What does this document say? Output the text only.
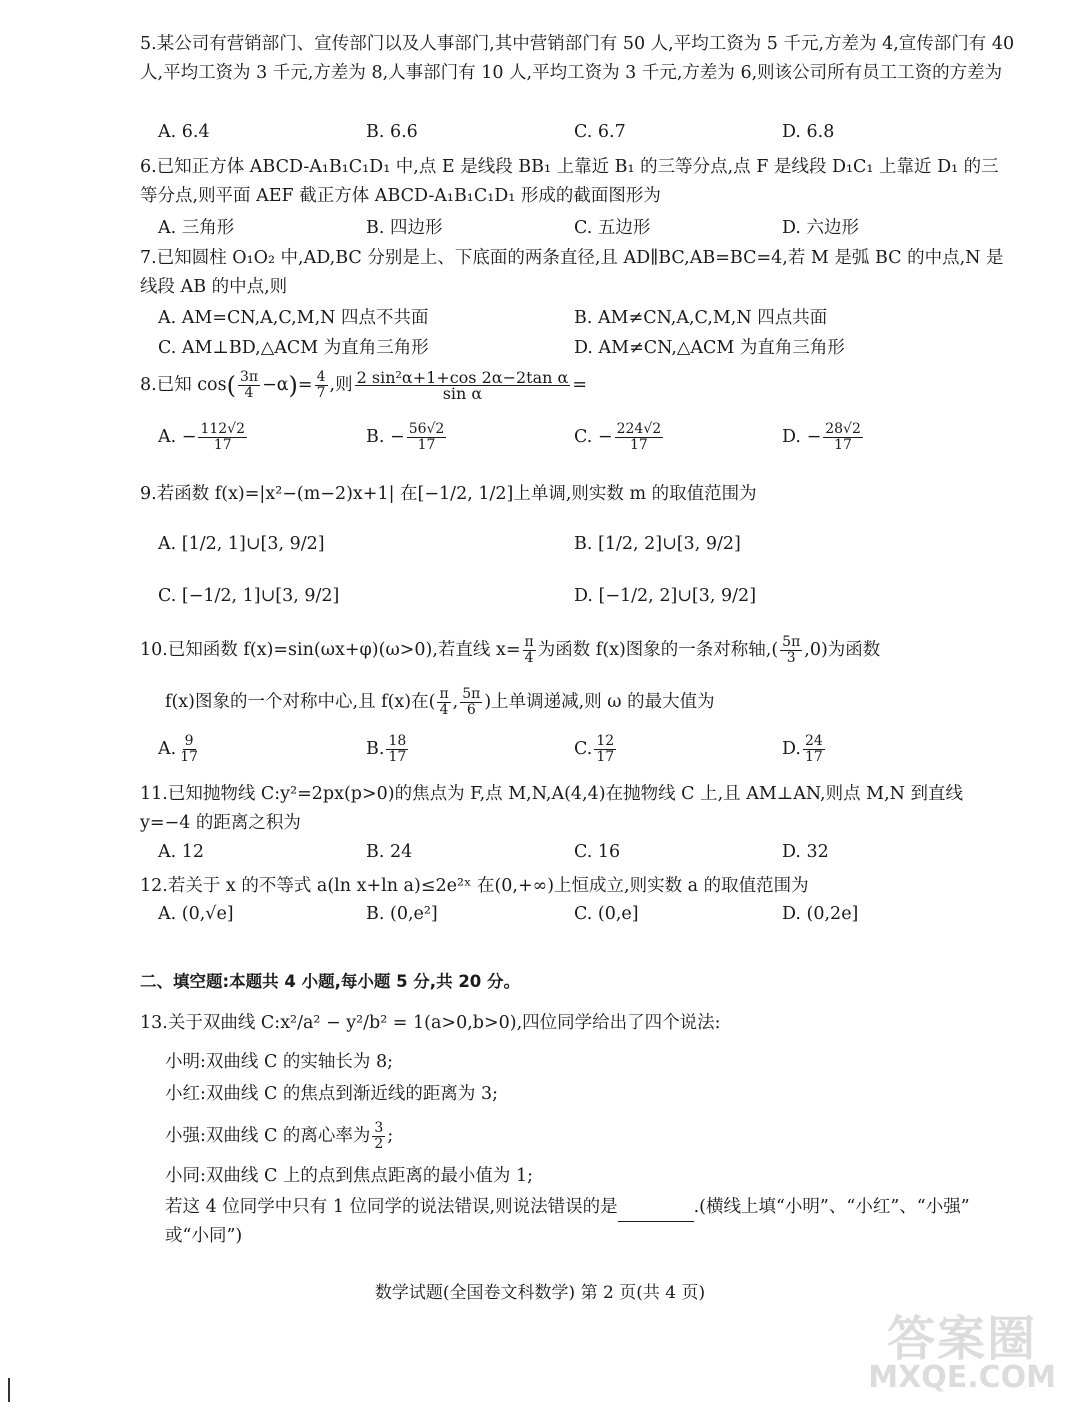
5.某公司有营销部门、宣传部门以及人事部门,其中营销部门有 50 人,平均工资为 5 千元,方差为 4,宣传部门有 40 人,平均工资为 3 千元,方差为 8,人事部门有 10 人,平均工资为 3 千元,方差为 6,则该公司所有员工工资的方差为
A. 6.4	B. 6.6	C. 6.7	D. 6.8
6.已知正方体 ABCD-A₁B₁C₁D₁ 中,点 E 是线段 BB₁ 上靠近 B₁ 的三等分点,点 F 是线段 D₁C₁ 上靠近 D₁ 的三等分点,则平面 AEF 截正方体 ABCD-A₁B₁C₁D₁ 形成的截面图形为
A. 三角形	B. 四边形	C. 五边形	D. 六边形
7.已知圆柱 O₁O₂ 中,AD,BC 分别是上、下底面的两条直径,且 AD∥BC,AB=BC=4,若 M 是弧 BC 的中点,N 是线段 AB 的中点,则
A. AM=CN,A,C,M,N 四点不共面	B. AM≠CN,A,C,M,N 四点共面
C. AM⊥BD,△ACM 为直角三角形	D. AM≠CN,△ACM 为直角三角形
8.已知 $\cos( \frac{3\pi}{4} -\alpha)= \frac{4}{7}$ ,则 $\frac{\text{2 sin²α+1+cos 2α−2tan α}}{\text{sin α}}$ =
A. − $\frac{112√2}{17}$	B. − $\frac{56√2}{17}$	C. − $\frac{224√2}{17}$	D. − $\frac{28√2}{17}$
9.若函数 f(x)=|x²−(m−2)x+1| 在[−1/2, 1/2]上单调,则实数 m 的取值范围为
A. [1/2, 1]∪[3, 9/2]	B. [1/2, 2]∪[3, 9/2]
C. [−1/2, 1]∪[3, 9/2]	D. [−1/2, 2]∪[3, 9/2]
10.已知函数 f(x)=sin(ωx+φ)(ω>0),若直线 $x= \frac{\pi}{4}$ 为函数 f(x)图象的一条对称轴,( $\frac{5\pi}{3} ,0$)为函数
f(x)图象的一个对称中心,且 f(x)在( $\frac{\pi}{4}$ , $\frac{5\pi}{6}$ )上单调递减,则 ω 的最大值为
A. $\frac{9}{17}$	B. $\frac{18}{17}$	C. $\frac{12}{17}$	D. $\frac{24}{17}$
11.已知抛物线 C:y²=2px(p>0)的焦点为 F,点 M,N,A(4,4)在抛物线 C 上,且 AM⊥AN,则点 M,N 到直线 y=−4 的距离之积为
A. 12	B. 24	C. 16	D. 32
12.若关于 x 的不等式 a(ln x+ln a)≤2e²ˣ 在(0,+∞)上恒成立,则实数 a 的取值范围为
A. (0,√e]	B. (0,e²]	C. (0,e]	D. (0,2e]
二、填空题:本题共 4 小题,每小题 5 分,共 20 分。
13.关于双曲线 C:x²/a² − y²/b² = 1(a>0,b>0),四位同学给出了四个说法:
小明:双曲线 C 的实轴长为 8;
小红:双曲线 C 的焦点到渐近线的距离为 3;
小强:双曲线 C 的离心率为 $\frac{3}{2}$ ;
小同:双曲线 C 上的点到焦点距离的最小值为 1;
若这 4 位同学中只有 1 位同学的说法错误,则说法错误的是	.(横线上填“小明”、“小红”、“小强”
或“小同”)
数学试题(全国卷文科数学) 第 2 页(共 4 页)
答案圈
MXQE.COM
